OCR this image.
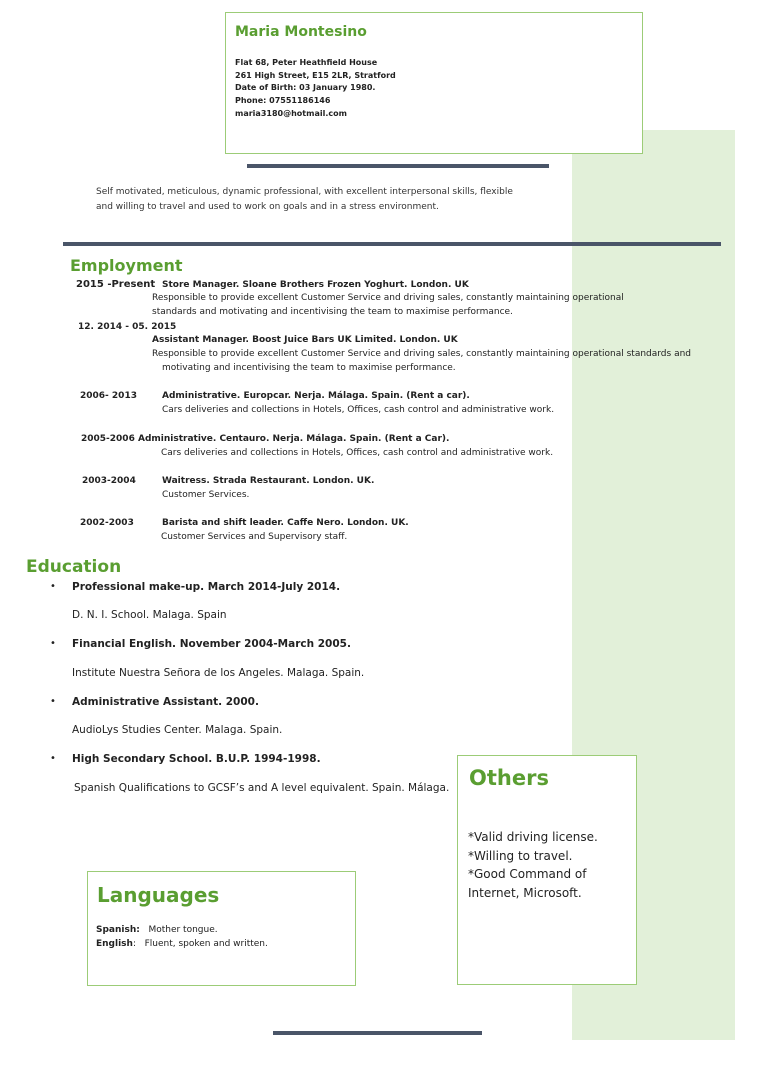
Maria Montesino
Flat 68, Peter Heathfield House
261 High Street, E15 2LR, Stratford
Date of Birth: 03 January 1980.
Phone: 07551186146
maria3180@hotmail.com
Self motivated, meticulous, dynamic professional, with excellent interpersonal skills, flexible
and willing to travel and used to work on goals and in a stress environment.
Employment
2015 -Present Store Manager. Sloane Brothers Frozen Yoghurt. London. UK
Responsible to provide excellent Customer Service and driving sales, constantly maintaining operational
standards and motivating and incentivising the team to maximise performance.
12. 2014 - 05. 2015
Assistant Manager. Boost Juice Bars UK Limited. London. UK
Responsible to provide excellent Customer Service and driving sales, constantly maintaining operational standards and
motivating and incentivising the team to maximise performance.
2006- 2013	Administrative. Europcar. Nerja. Málaga. Spain. (Rent a car).
Cars deliveries and collections in Hotels, Offices, cash control and administrative work.
2005-2006 Administrative. Centauro. Nerja. Málaga. Spain. (Rent a Car).
Cars deliveries and collections in Hotels, Offices, cash control and administrative work.
2003-2004	Waitress. Strada Restaurant. London. UK.
Customer Services.
2002-2003	Barista and shift leader. Caffe Nero. London. UK.
Customer Services and Supervisory staff.
Education
• Professional make-up. March 2014-July 2014.
D. N. I. School. Malaga. Spain
• Financial English. November 2004-March 2005.
Institute Nuestra Señora de los Angeles. Malaga. Spain.
• Administrative Assistant. 2000.
AudioLys Studies Center. Malaga. Spain.
• High Secondary School. B.U.P. 1994-1998.
Spanish Qualifications to GCSF’s and A level equivalent. Spain. Málaga. Others
*Valid driving license.
*Willing to travel.
*Good Command of
Internet, Microsoft.
Languages
Spanish: Mother tongue.
English: Fluent, spoken and written.
